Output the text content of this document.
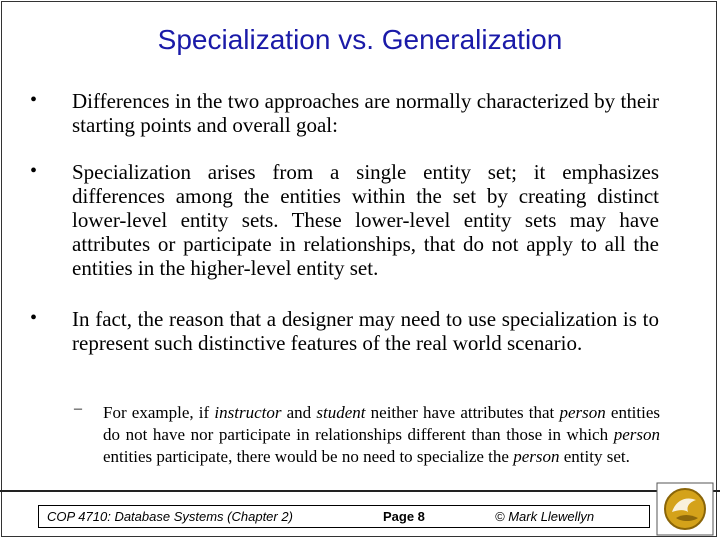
Specialization vs. Generalization
• Differences in the two approaches are normally characterized by their starting points and overall goal:
• Specialization arises from a single entity set; it emphasizes differences among the entities within the set by creating distinct lower-level entity sets. These lower-level entity sets may have attributes or participate in relationships, that do not apply to all the entities in the higher-level entity set.
• In fact, the reason that a designer may need to use specialization is to represent such distinctive features of the real world scenario.
– For example, if instructor and student neither have attributes that person entities do not have nor participate in relationships different than those in which person entities participate, there would be no need to specialize the person entity set.
COP 4710: Database Systems (Chapter 2)	Page 8	© Mark Llewellyn
